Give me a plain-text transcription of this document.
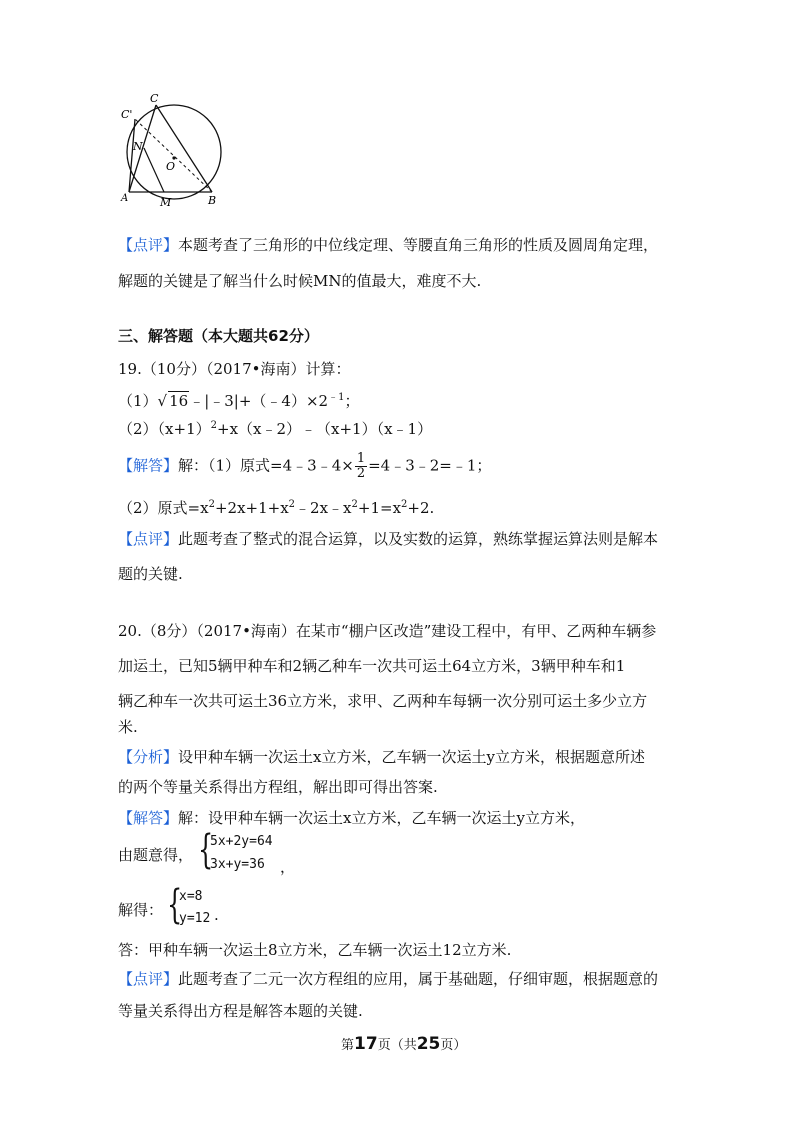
C'
C
N
O
A	M	B
【点评】本题考查了三角形的中位线定理、等腰直角三角形的性质及圆周角定理，
解题的关键是了解当什么时候MN的值最大，难度不大.
三、解答题（本大题共62分）
19.（10分）（2017•海南）计算：
（1）√ $16﹣|﹣3|+(﹣4)\times 2^{﹣1}$；
$(2)(x+1)^2+x(x﹣2)﹣(x+1)(x﹣1)$
【解答】解：（1）原式=4﹣3﹣4× $\frac{1}{2}$ =4﹣3﹣2=﹣1；
（2）原式$=x^2+2x+1+x^2﹣2x﹣x^2+1=x^2+2$.
【点评】此题考查了整式的混合运算，以及实数的运算，熟练掌握运算法则是解本
题的关键.
20.（8分）（2017•海南）在某市“棚户区改造”建设工程中，有甲、乙两种车辆参
加运土，已知5辆甲种车和2辆乙种车一次共可运土64立方米，3辆甲种车和1
辆乙种车一次共可运土36立方米，求甲、乙两种车每辆一次分别可运土多少立方
米.
【分析】设甲种车辆一次运土x立方米，乙车辆一次运土y立方米，根据题意所述
的两个等量关系得出方程组，解出即可得出答案.
【解答】解：设甲种车辆一次运土x立方米，乙车辆一次运土y立方米，
由题意得， {
5x+2y=64
3x+y=36 ，
解得： {
x=8
y=12 .
答：甲种车辆一次运土8立方米，乙车辆一次运土12立方米.
【点评】此题考查了二元一次方程组的应用，属于基础题，仔细审题，根据题意的
等量关系得出方程是解答本题的关键.
第17页（共25页）
